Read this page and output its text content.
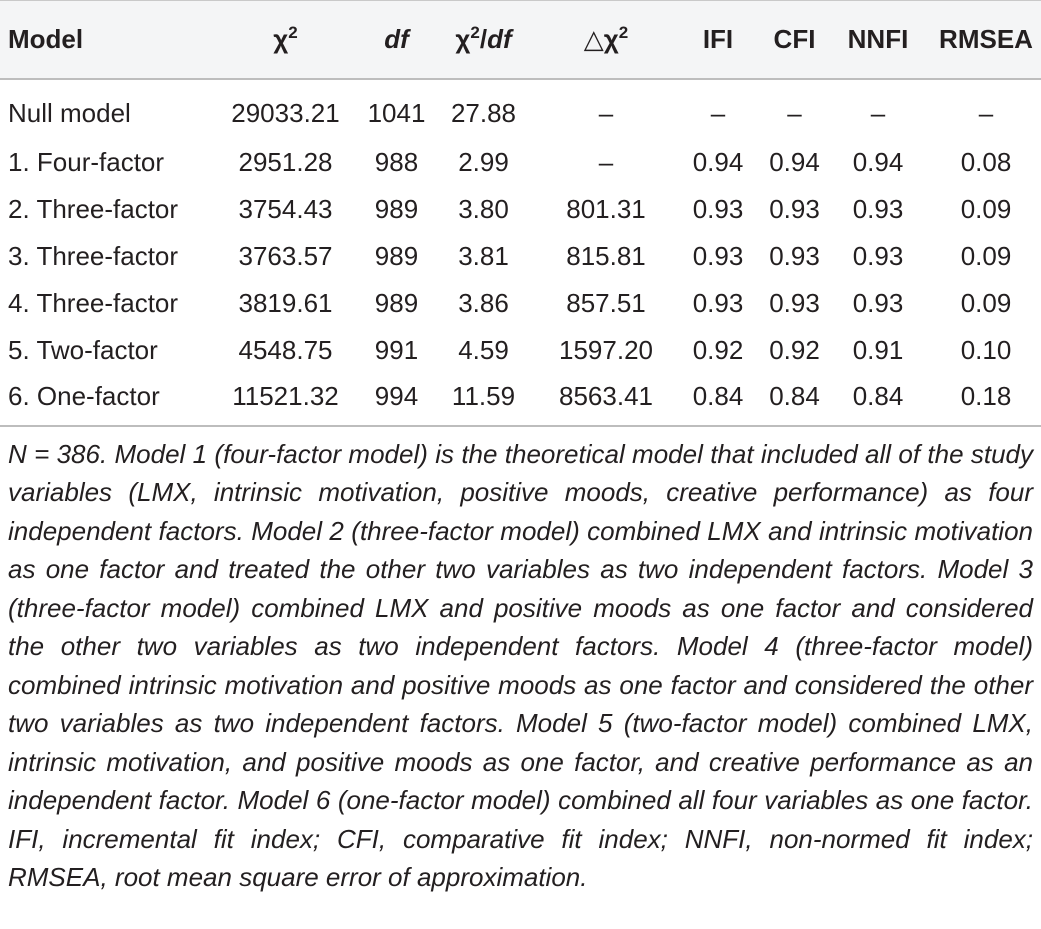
Model	$\chi^2$	df	$\chi^2/df$	$\triangle\chi^2$	IFI	CFI	NNFI	RMSEA
Null model	29033.21	1041	27.88	–	–	–	–	–
1. Four-factor	2951.28	988	2.99	–	0.94	0.94	0.94	0.08
2. Three-factor	3754.43	989	3.80	801.31	0.93	0.93	0.93	0.09
3. Three-factor	3763.57	989	3.81	815.81	0.93	0.93	0.93	0.09
4. Three-factor	3819.61	989	3.86	857.51	0.93	0.93	0.93	0.09
5. Two-factor	4548.75	991	4.59	1597.20	0.92	0.92	0.91	0.10
6. One-factor	11521.32	994	11.59	8563.41	0.84	0.84	0.84	0.18

N = 386. Model 1 (four-factor model) is the theoretical model that included all of the study variables (LMX, intrinsic motivation, positive moods, creative performance) as four independent factors. Model 2 (three-factor model) combined LMX and intrinsic motivation as one factor and treated the other two variables as two independent factors. Model 3 (three-factor model) combined LMX and positive moods as one factor and considered the other two variables as two independent factors. Model 4 (three-factor model) combined intrinsic motivation and positive moods as one factor and considered the other two variables as two independent factors. Model 5 (two-factor model) combined LMX, intrinsic motivation, and positive moods as one factor, and creative performance as an independent factor. Model 6 (one-factor model) combined all four variables as one factor. IFI, incremental fit index; CFI, comparative fit index; NNFI, non-normed fit index; RMSEA, root mean square error of approximation.
